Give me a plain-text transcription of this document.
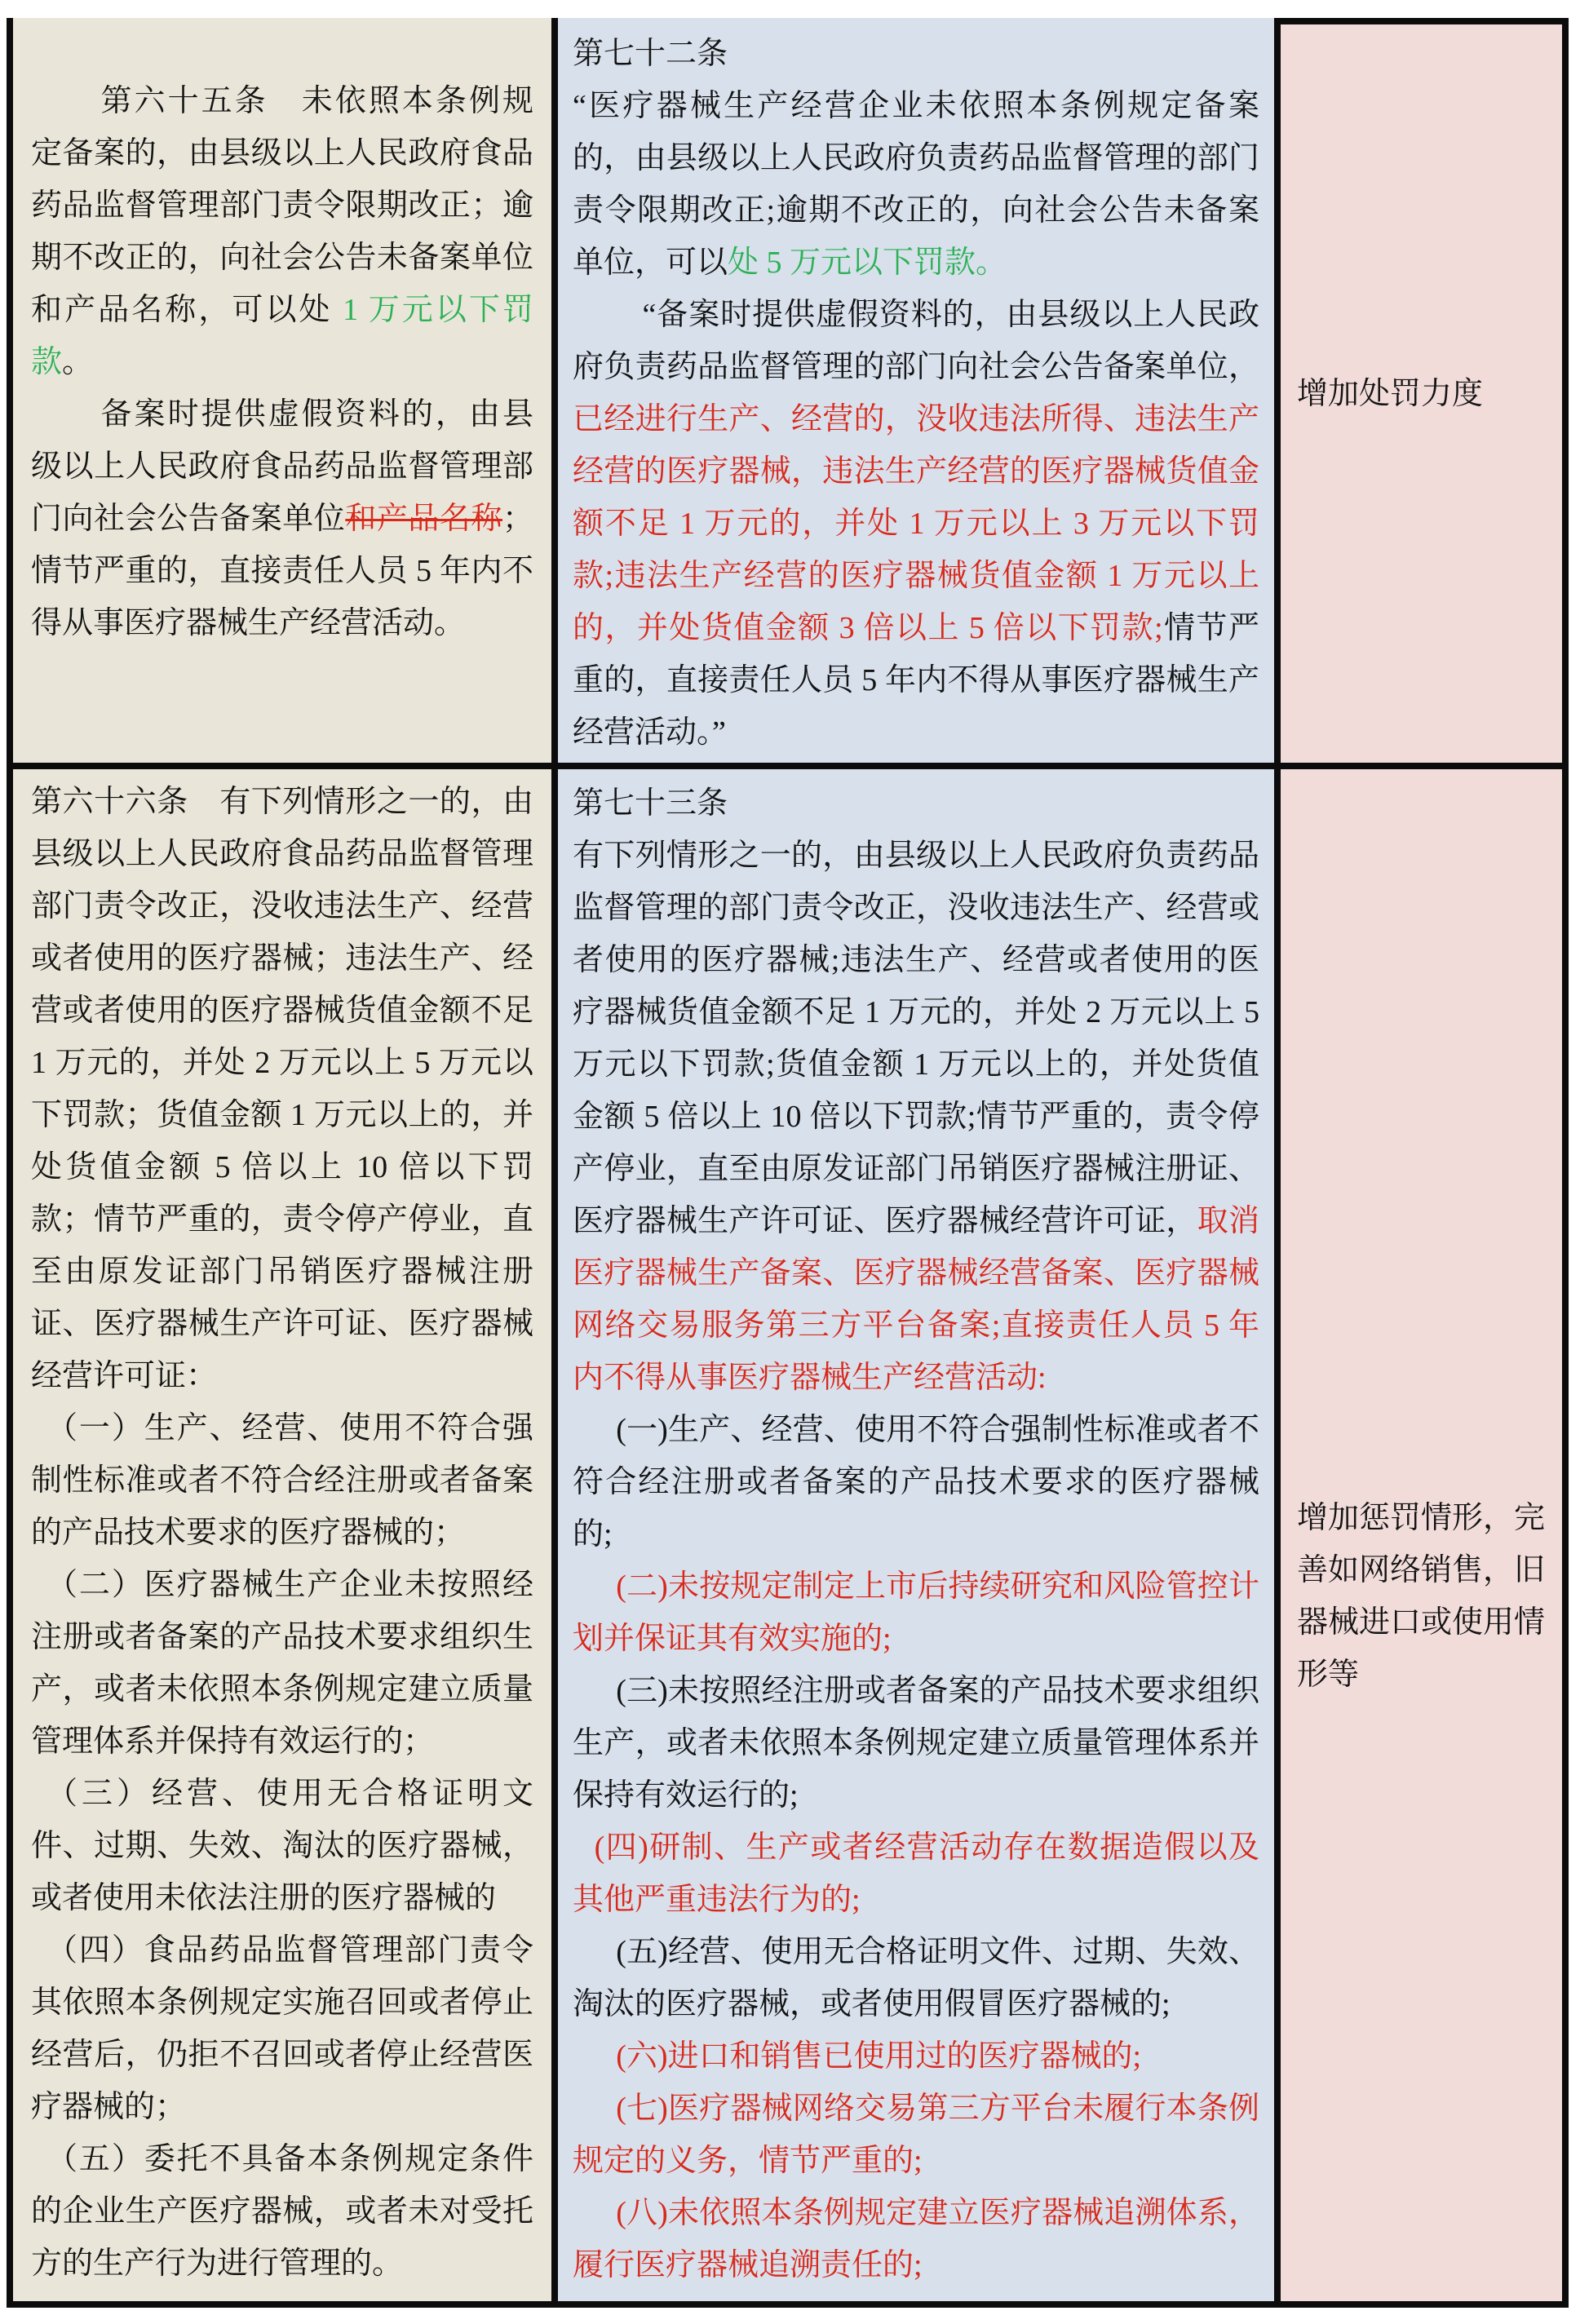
第六十五条　未依照本条例规定备案的，由县级以上人民政府食品药品监督管理部门责令限期改正；逾期不改正的，向社会公告未备案单位和产品名称，可以处 1 万元以下罚款。

备案时提供虚假资料的，由县级以上人民政府食品药品监督管理部门向社会公告备案单位和产品名称；情节严重的，直接责任人员 5 年内不得从事医疗器械生产经营活动。

第七十二条

“医疗器械生产经营企业未依照本条例规定备案的，由县级以上人民政府负责药品监督管理的部门责令限期改正;逾期不改正的，向社会公告未备案单位，可以处 5 万元以下罚款。

“备案时提供虚假资料的，由县级以上人民政府负责药品监督管理的部门向社会公告备案单位，已经进行生产、经营的，没收违法所得、违法生产经营的医疗器械，违法生产经营的医疗器械货值金额不足 1 万元的，并处 1 万元以上 3 万元以下罚款;违法生产经营的医疗器械货值金额 1 万元以上的，并处货值金额 3 倍以上 5 倍以下罚款;情节严重的，直接责任人员 5 年内不得从事医疗器械生产经营活动。”

增加处罚力度

第六十六条　有下列情形之一的，由县级以上人民政府食品药品监督管理部门责令改正，没收违法生产、经营或者使用的医疗器械；违法生产、经营或者使用的医疗器械货值金额不足 1 万元的，并处 2 万元以上 5 万元以下罚款；货值金额 1 万元以上的，并处货值金额 5 倍以上 10 倍以下罚款；情节严重的，责令停产停业，直至由原发证部门吊销医疗器械注册证、医疗器械生产许可证、医疗器械经营许可证：

（一）生产、经营、使用不符合强制性标准或者不符合经注册或者备案的产品技术要求的医疗器械的；

（二）医疗器械生产企业未按照经注册或者备案的产品技术要求组织生产，或者未依照本条例规定建立质量管理体系并保持有效运行的；

（三）经营、使用无合格证明文件、过期、失效、淘汰的医疗器械，或者使用未依法注册的医疗器械的

（四）食品药品监督管理部门责令其依照本条例规定实施召回或者停止经营后，仍拒不召回或者停止经营医疗器械的；

（五）委托不具备本条例规定条件的企业生产医疗器械，或者未对受托方的生产行为进行管理的。

第七十三条

有下列情形之一的，由县级以上人民政府负责药品监督管理的部门责令改正，没收违法生产、经营或者使用的医疗器械;违法生产、经营或者使用的医疗器械货值金额不足 1 万元的，并处 2 万元以上 5 万元以下罚款;货值金额 1 万元以上的，并处货值金额 5 倍以上 10 倍以下罚款;情节严重的，责令停产停业，直至由原发证部门吊销医疗器械注册证、医疗器械生产许可证、医疗器械经营许可证，取消医疗器械生产备案、医疗器械经营备案、医疗器械网络交易服务第三方平台备案;直接责任人员 5 年内不得从事医疗器械生产经营活动:

(一)生产、经营、使用不符合强制性标准或者不符合经注册或者备案的产品技术要求的医疗器械的;

(二)未按规定制定上市后持续研究和风险管控计划并保证其有效实施的;

(三)未按照经注册或者备案的产品技术要求组织生产，或者未依照本条例规定建立质量管理体系并保持有效运行的;

(四)研制、生产或者经营活动存在数据造假以及其他严重违法行为的;

(五)经营、使用无合格证明文件、过期、失效、淘汰的医疗器械，或者使用假冒医疗器械的;

(六)进口和销售已使用过的医疗器械的;

(七)医疗器械网络交易第三方平台未履行本条例规定的义务，情节严重的;

(八)未依照本条例规定建立医疗器械追溯体系，履行医疗器械追溯责任的;

增加惩罚情形，完善如网络销售，旧器械进口或使用情形等
